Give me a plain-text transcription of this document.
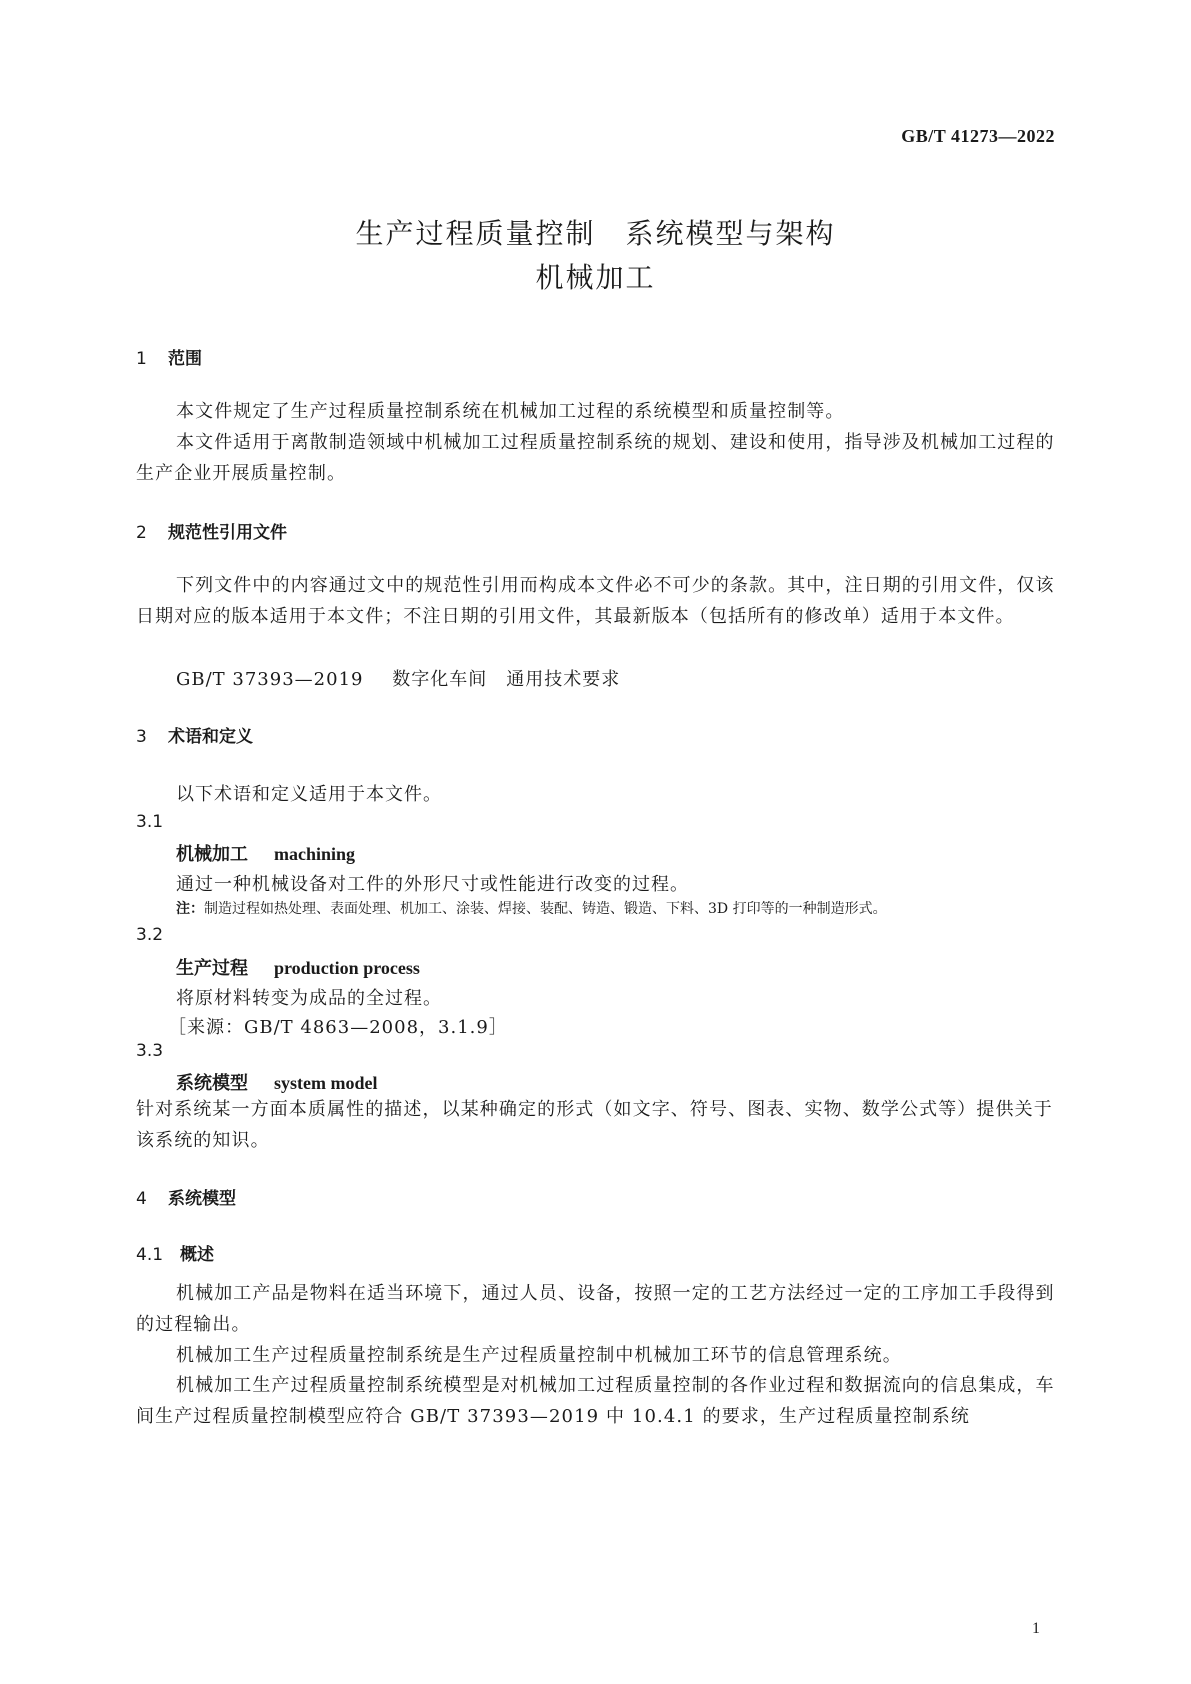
GB/T 41273—2022
生产过程质量控制　系统模型与架构
机械加工
1 范围
本文件规定了生产过程质量控制系统在机械加工过程的系统模型和质量控制等。
本文件适用于离散制造领域中机械加工过程质量控制系统的规划、建设和使用，指导涉及机械加工过程的生产企业开展质量控制。
2 规范性引用文件
下列文件中的内容通过文中的规范性引用而构成本文件必不可少的条款。其中，注日期的引用文件，仅该日期对应的版本适用于本文件；不注日期的引用文件，其最新版本（包括所有的修改单）适用于本文件。
GB/T 37393—2019 数字化车间　通用技术要求
3 术语和定义
以下术语和定义适用于本文件。
3.1
机械加工 machining
通过一种机械设备对工件的外形尺寸或性能进行改变的过程。
注：制造过程如热处理、表面处理、机加工、涂装、焊接、装配、铸造、锻造、下料、3D 打印等的一种制造形式。
3.2
生产过程 production process
将原材料转变为成品的全过程。
［来源：GB/T 4863—2008，3.1.9］
3.3
系统模型 system model
针对系统某一方面本质属性的描述，以某种确定的形式（如文字、符号、图表、实物、数学公式等）提供关于该系统的知识。
4 系统模型
4.1 概述
机械加工产品是物料在适当环境下，通过人员、设备，按照一定的工艺方法经过一定的工序加工手段得到的过程输出。
机械加工生产过程质量控制系统是生产过程质量控制中机械加工环节的信息管理系统。
机械加工生产过程质量控制系统模型是对机械加工过程质量控制的各作业过程和数据流向的信息集成，车间生产过程质量控制模型应符合 GB/T 37393—2019 中 10.4.1 的要求，生产过程质量控制系统
1
